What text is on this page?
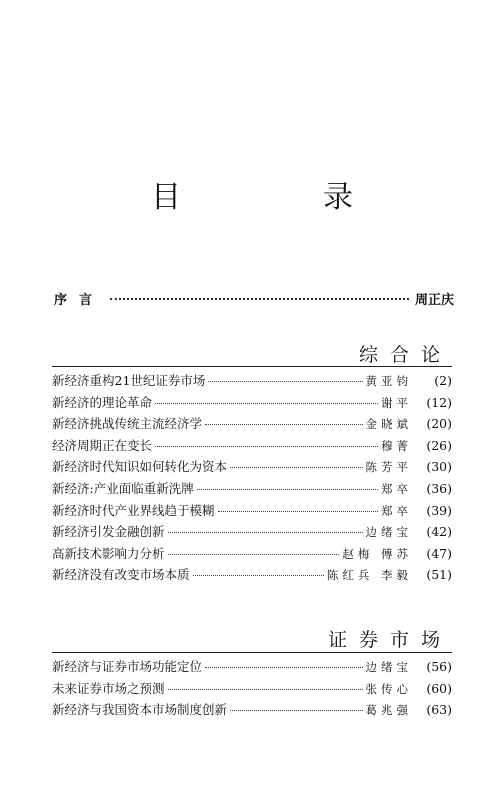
目　录
序言	周正庆
综合论
新经济重构21世纪证券市场	黄亚钧	(2)
新经济的理论革命	谢平	(12)
新经济挑战传统主流经济学	金晓斌	(20)
经济周期正在变长	穆菁	(26)
新经济时代知识如何转化为资本	陈芳平	(30)
新经济:产业面临重新洗牌	郑卒	(36)
新经济时代产业界线趋于模糊	郑卒	(39)
新经济引发金融创新	边绪宝	(42)
高新技术影响力分析	赵梅 傅苏	(47)
新经济没有改变市场本质	陈红兵 李毅	(51)
证券市场
新经济与证券市场功能定位	边绪宝	(56)
未来证券市场之预测	张传心	(60)
新经济与我国资本市场制度创新	葛兆强	(63)
